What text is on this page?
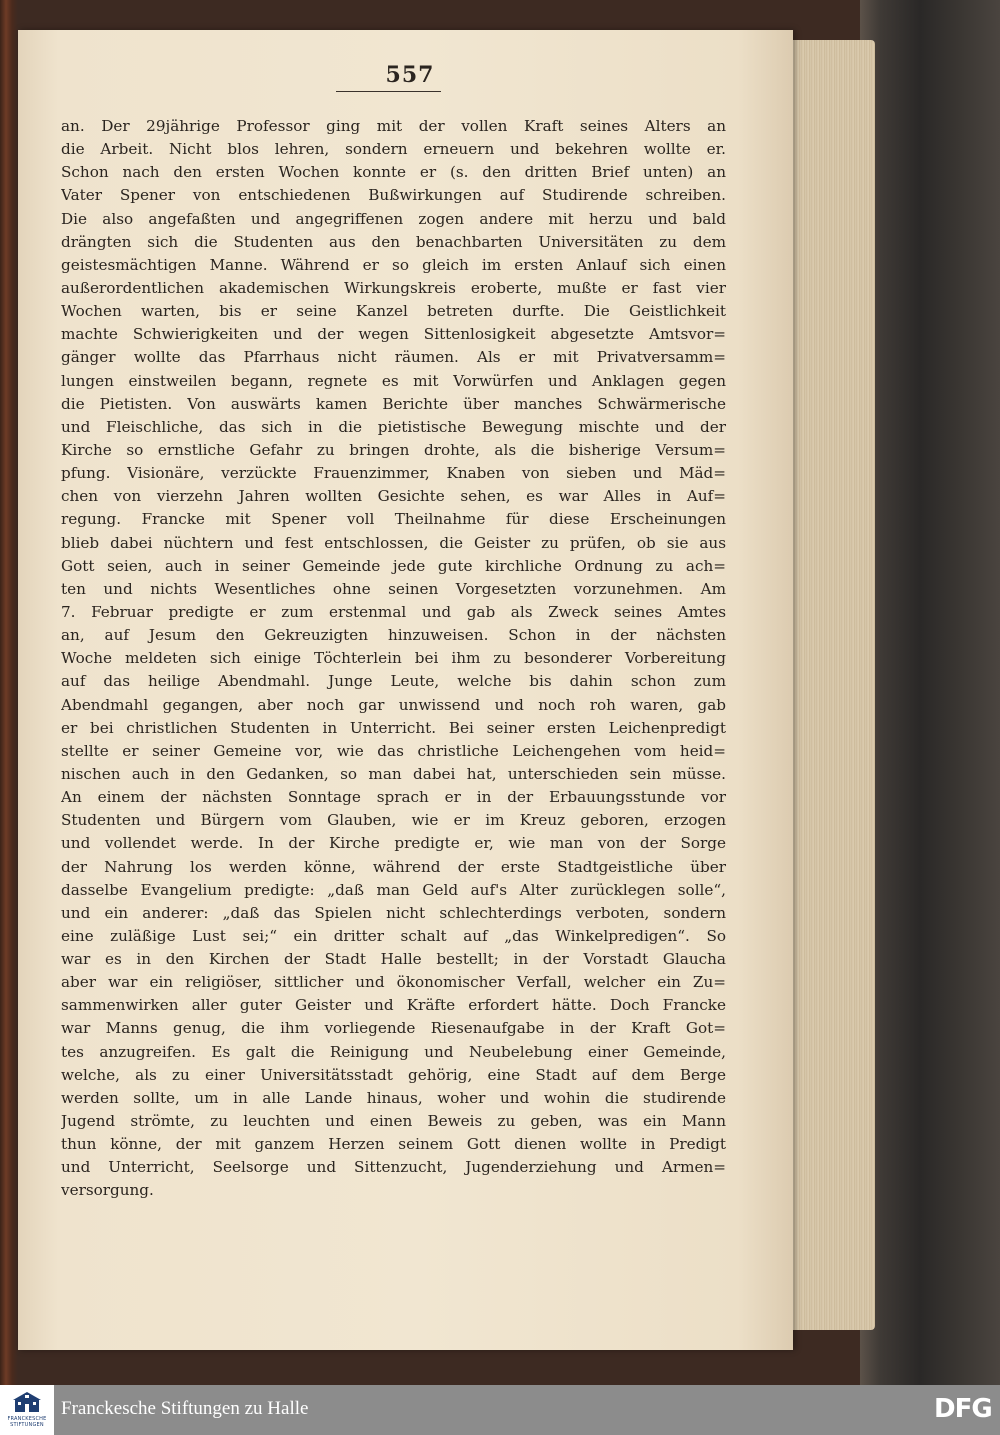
557
an. Der 29jährige Professor ging mit der vollen Kraft seines Alters an
die Arbeit. Nicht blos lehren, sondern erneuern und bekehren wollte er.
Schon nach den ersten Wochen konnte er (s. den dritten Brief unten) an
Vater Spener von entschiedenen Bußwirkungen auf Studirende schreiben.
Die also angefaßten und angegriffenen zogen andere mit herzu und bald
drängten sich die Studenten aus den benachbarten Universitäten zu dem
geistesmächtigen Manne. Während er so gleich im ersten Anlauf sich einen
außerordentlichen akademischen Wirkungskreis eroberte, mußte er fast vier
Wochen warten, bis er seine Kanzel betreten durfte. Die Geistlichkeit
machte Schwierigkeiten und der wegen Sittenlosigkeit abgesetzte Amtsvor=
gänger wollte das Pfarrhaus nicht räumen. Als er mit Privatversamm=
lungen einstweilen begann, regnete es mit Vorwürfen und Anklagen gegen
die Pietisten. Von auswärts kamen Berichte über manches Schwärmerische
und Fleischliche, das sich in die pietistische Bewegung mischte und der
Kirche so ernstliche Gefahr zu bringen drohte, als die bisherige Versum=
pfung. Visionäre, verzückte Frauenzimmer, Knaben von sieben und Mäd=
chen von vierzehn Jahren wollten Gesichte sehen, es war Alles in Auf=
regung. Francke mit Spener voll Theilnahme für diese Erscheinungen
blieb dabei nüchtern und fest entschlossen, die Geister zu prüfen, ob sie aus
Gott seien, auch in seiner Gemeinde jede gute kirchliche Ordnung zu ach=
ten und nichts Wesentliches ohne seinen Vorgesetzten vorzunehmen. Am
7. Februar predigte er zum erstenmal und gab als Zweck seines Amtes
an, auf Jesum den Gekreuzigten hinzuweisen. Schon in der nächsten
Woche meldeten sich einige Töchterlein bei ihm zu besonderer Vorbereitung
auf das heilige Abendmahl. Junge Leute, welche bis dahin schon zum
Abendmahl gegangen, aber noch gar unwissend und noch roh waren, gab
er bei christlichen Studenten in Unterricht. Bei seiner ersten Leichenpredigt
stellte er seiner Gemeine vor, wie das christliche Leichengehen vom heid=
nischen auch in den Gedanken, so man dabei hat, unterschieden sein müsse.
An einem der nächsten Sonntage sprach er in der Erbauungsstunde vor
Studenten und Bürgern vom Glauben, wie er im Kreuz geboren, erzogen
und vollendet werde. In der Kirche predigte er, wie man von der Sorge
der Nahrung los werden könne, während der erste Stadtgeistliche über
dasselbe Evangelium predigte: „daß man Geld auf's Alter zurücklegen solle“,
und ein anderer: „daß das Spielen nicht schlechterdings verboten, sondern
eine zuläßige Lust sei;“ ein dritter schalt auf „das Winkelpredigen“. So
war es in den Kirchen der Stadt Halle bestellt; in der Vorstadt Glaucha
aber war ein religiöser, sittlicher und ökonomischer Verfall, welcher ein Zu=
sammenwirken aller guter Geister und Kräfte erfordert hätte. Doch Francke
war Manns genug, die ihm vorliegende Riesenaufgabe in der Kraft Got=
tes anzugreifen. Es galt die Reinigung und Neubelebung einer Gemeinde,
welche, als zu einer Universitätsstadt gehörig, eine Stadt auf dem Berge
werden sollte, um in alle Lande hinaus, woher und wohin die studirende
Jugend strömte, zu leuchten und einen Beweis zu geben, was ein Mann
thun könne, der mit ganzem Herzen seinem Gott dienen wollte in Predigt
und Unterricht, Seelsorge und Sittenzucht, Jugenderziehung und Armen=
versorgung.
FRANCKESCHE
STIFTUNGEN
Franckesche Stiftungen zu Halle	DFG
